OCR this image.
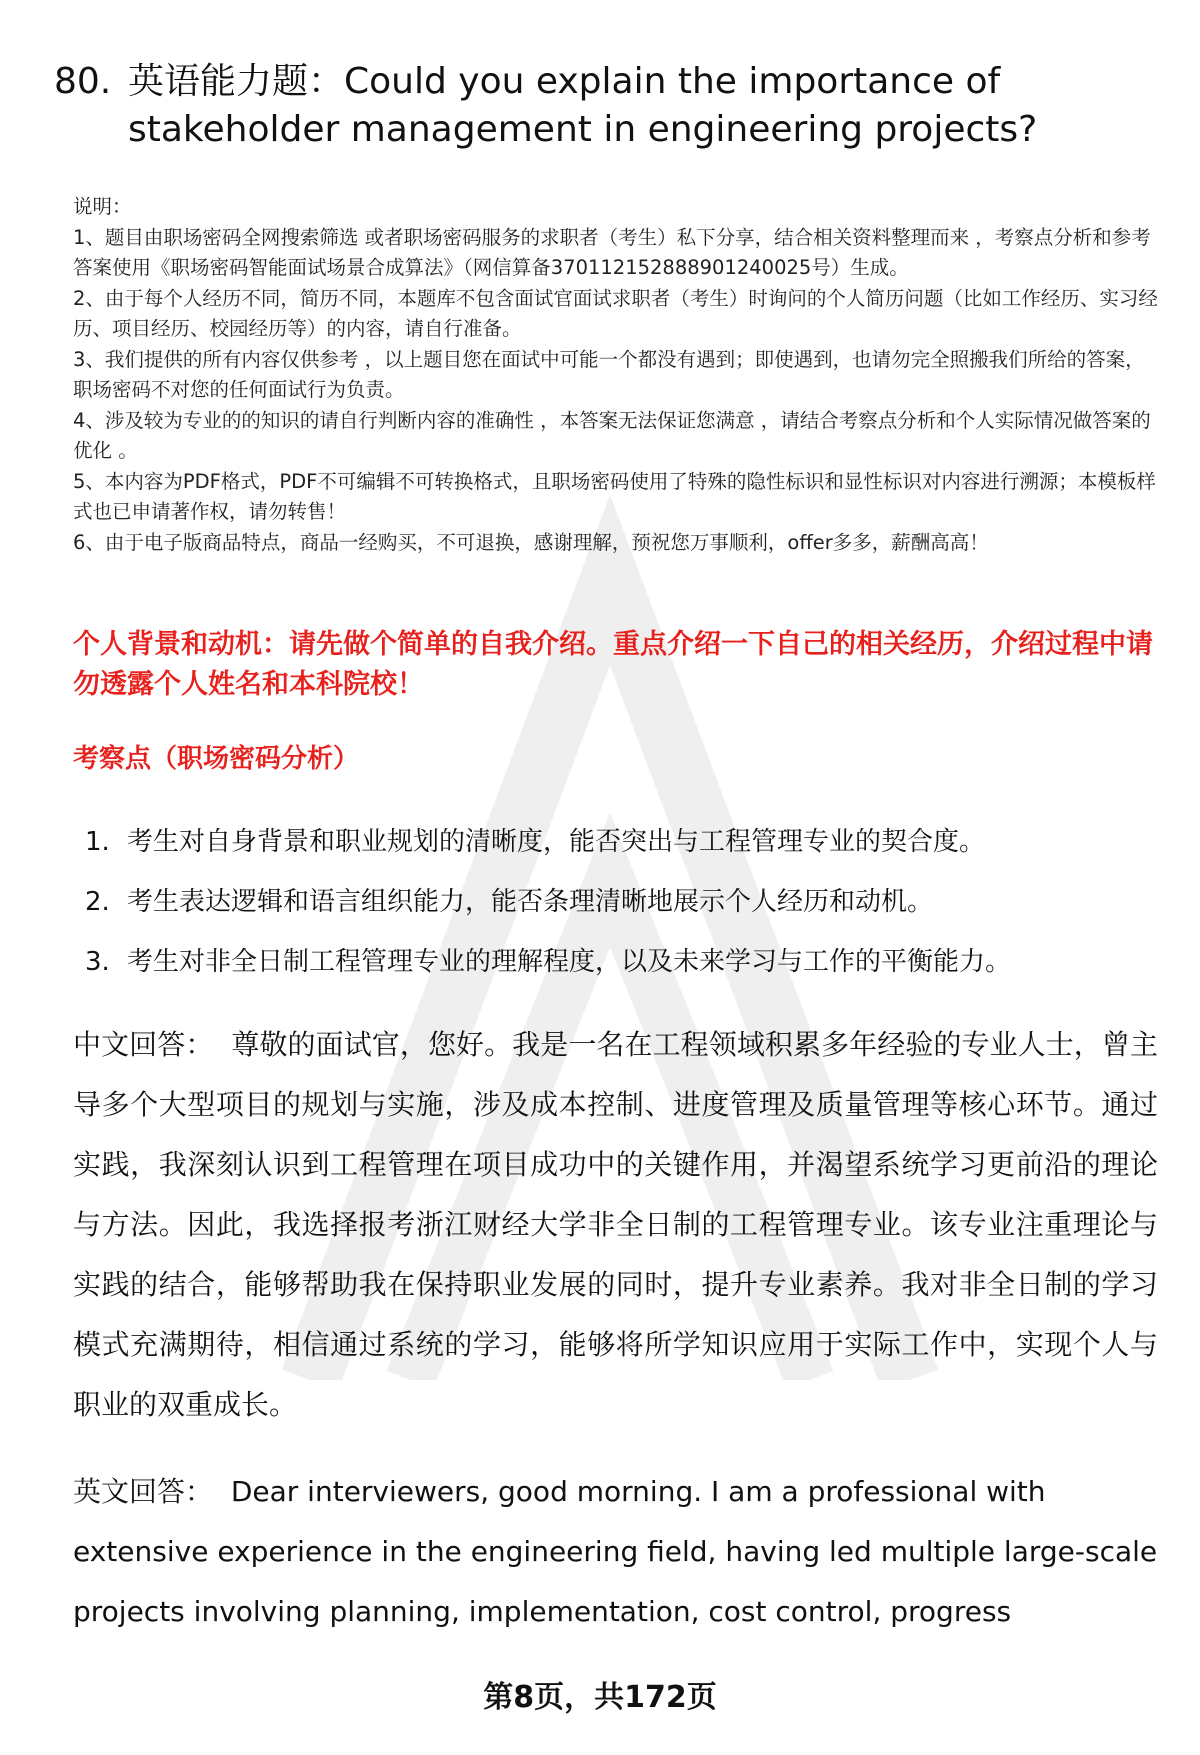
80. 英语能力题：Could you explain the importance of stakeholder management in engineering projects?
说明：
1、题目由职场密码全网搜索筛选 或者职场密码服务的求职者（考生）私下分享，结合相关资料整理而来 ，考察点分析和参考答案使用《职场密码智能面试场景合成算法》（网信算备370112152888901240025号）生成。
2、由于每个人经历不同，简历不同，本题库不包含面试官面试求职者（考生）时询问的个人简历问题（比如工作经历、实习经历、项目经历、校园经历等）的内容，请自行准备。
3、我们提供的所有内容仅供参考 ，以上题目您在面试中可能一个都没有遇到；即使遇到，也请勿完全照搬我们所给的答案，职场密码不对您的任何面试行为负责。
4、涉及较为专业的的知识的请自行判断内容的准确性 ，本答案无法保证您满意 ，请结合考察点分析和个人实际情况做答案的优化 。
5、本内容为PDF格式，PDF不可编辑不可转换格式，且职场密码使用了特殊的隐性标识和显性标识对内容进行溯源；本模板样式也已申请著作权，请勿转售！
6、由于电子版商品特点，商品一经购买，不可退换，感谢理解，预祝您万事顺利，offer多多，薪酬高高！
个人背景和动机：请先做个简单的自我介绍。重点介绍一下自己的相关经历，介绍过程中请勿透露个人姓名和本科院校！
考察点（职场密码分析）
1. 考生对自身背景和职业规划的清晰度，能否突出与工程管理专业的契合度。
2. 考生表达逻辑和语言组织能力，能否条理清晰地展示个人经历和动机。
3. 考生对非全日制工程管理专业的理解程度，以及未来学习与工作的平衡能力。
中文回答： 尊敬的面试官，您好。我是一名在工程领域积累多年经验的专业人士，曾主导多个大型项目的规划与实施，涉及成本控制、进度管理及质量管理等核心环节。通过实践，我深刻认识到工程管理在项目成功中的关键作用，并渴望系统学习更前沿的理论与方法。因此，我选择报考浙江财经大学非全日制的工程管理专业。该专业注重理论与实践的结合，能够帮助我在保持职业发展的同时，提升专业素养。我对非全日制的学习模式充满期待，相信通过系统的学习，能够将所学知识应用于实际工作中，实现个人与职业的双重成长。
英文回答： Dear interviewers, good morning. I am a professional with extensive experience in the engineering field, having led multiple large-scale projects involving planning, implementation, cost control, progress
第8页，共172页
